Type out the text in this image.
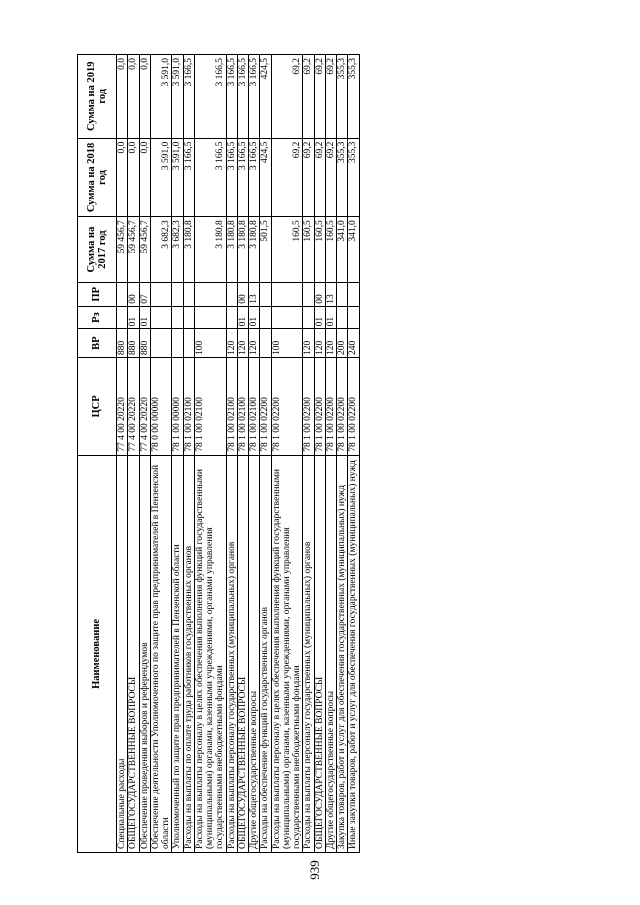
939
Наименование	ЦСР	ВР	Рз	ПР	Сумма на 2017 год	Сумма на 2018 год	Сумма на 2019 год
Специальные расходы	77 4 00 20220	880			59 456,7	0,0	0,0
ОБЩЕГОСУДАРСТВЕННЫЕ ВОПРОСЫ	77 4 00 20220	880	01	00	59 456,7	0,0	0,0
Обеспечение проведения выборов и референдумов	77 4 00 20220	880	01	07	59 456,7	0,0	0,0
Обеспечение деятельности Уполномоченного по защите прав предпринимателей в Пензенской области	78 0 00 00000				3 682,3	3 591,0	3 591,0
Уполномоченный по защите прав предпринимателей в Пензенской области	78 1 00 00000				3 682,3	3 591,0	3 591,0
Расходы на выплаты по оплате труда работников государственных органов	78 1 00 02100				3 180,8	3 166,5	3 166,5
Расходы на выплаты персоналу в целях обеспечения выполнения функций государственными (муниципальными) органами, казенными учреждениями, органами управления государственными внебюджетными фондами	78 1 00 02100	100			3 180,8	3 166,5	3 166,5
Расходы на выплаты персоналу государственных (муниципальных) органов	78 1 00 02100	120			3 180,8	3 166,5	3 166,5
ОБЩЕГОСУДАРСТВЕННЫЕ ВОПРОСЫ	78 1 00 02100	120	01	00	3 180,8	3 166,5	3 166,5
Другие общегосударственные вопросы	78 1 00 02100	120	01	13	3 180,8	3 166,5	3 166,5
Расходы на обеспечение функций государственных органов	78 1 00 02200				501,5	424,5	424,5
Расходы на выплаты персоналу в целях обеспечения выполнения функций государственными (муниципальными) органами, казенными учреждениями, органами управления государственными внебюджетными фондами	78 1 00 02200	100			160,5	69,2	69,2
Расходы на выплаты персоналу государственных (муниципальных) органов	78 1 00 02200	120			160,5	69,2	69,2
ОБЩЕГОСУДАРСТВЕННЫЕ ВОПРОСЫ	78 1 00 02200	120	01	00	160,5	69,2	69,2
Другие общегосударственные вопросы	78 1 00 02200	120	01	13	160,5	69,2	69,2
Закупка товаров, работ и услуг для обеспечения государственных (муниципальных) нужд	78 1 00 02200	200			341,0	355,3	355,3
Иные закупки товаров, работ и услуг для обеспечения государственных (муниципальных) нужд	78 1 00 02200	240			341,0	355,3	355,3
